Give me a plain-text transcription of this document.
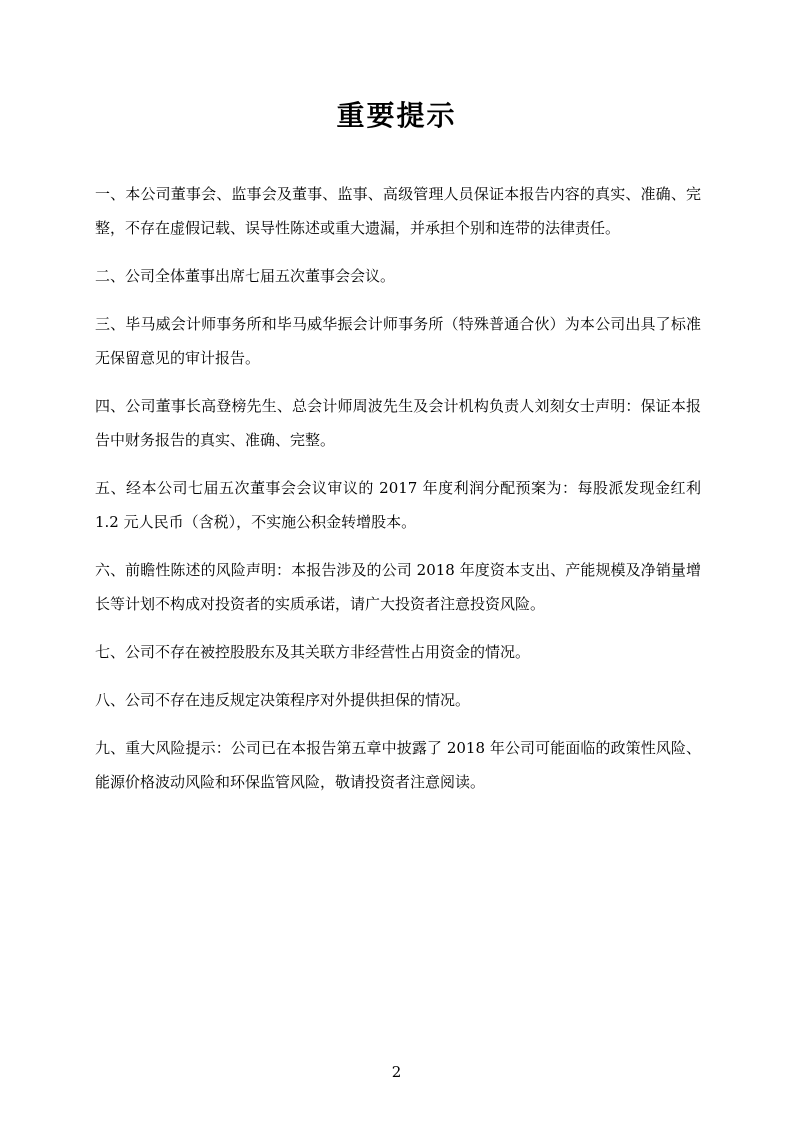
重要提示

一、本公司董事会、监事会及董事、监事、高级管理人员保证本报告内容的真实、准确、完整，不存在虚假记载、误导性陈述或重大遗漏，并承担个别和连带的法律责任。

二、公司全体董事出席七届五次董事会会议。

三、毕马威会计师事务所和毕马威华振会计师事务所（特殊普通合伙）为本公司出具了标准无保留意见的审计报告。

四、公司董事长高登榜先生、总会计师周波先生及会计机构负责人刘刻女士声明：保证本报告中财务报告的真实、准确、完整。

五、经本公司七届五次董事会会议审议的 2017 年度利润分配预案为：每股派发现金红利 1.2 元人民币（含税），不实施公积金转增股本。

六、前瞻性陈述的风险声明：本报告涉及的公司 2018 年度资本支出、产能规模及净销量增长等计划不构成对投资者的实质承诺，请广大投资者注意投资风险。

七、公司不存在被控股股东及其关联方非经营性占用资金的情况。

八、公司不存在违反规定决策程序对外提供担保的情况。

九、重大风险提示：公司已在本报告第五章中披露了 2018 年公司可能面临的政策性风险、能源价格波动风险和环保监管风险，敬请投资者注意阅读。

2
